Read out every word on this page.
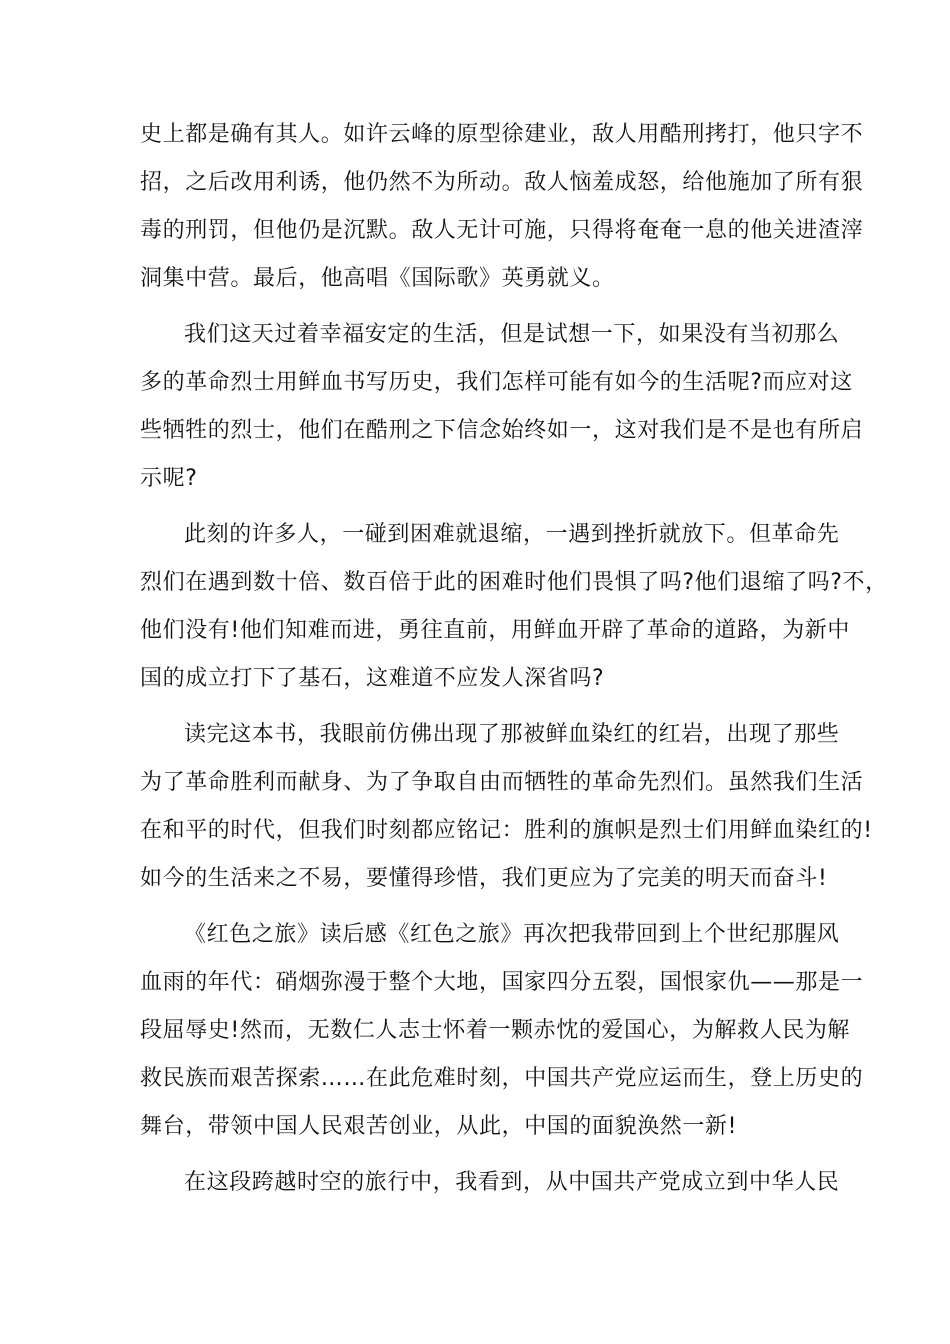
史上都是确有其人。如许云峰的原型徐建业，敌人用酷刑拷打，他只字不
招，之后改用利诱，他仍然不为所动。敌人恼羞成怒，给他施加了所有狠
毒的刑罚，但他仍是沉默。敌人无计可施，只得将奄奄一息的他关进渣滓
洞集中营。最后，他高唱《国际歌》英勇就义。
我们这天过着幸福安定的生活，但是试想一下，如果没有当初那么
多的革命烈士用鲜血书写历史，我们怎样可能有如今的生活呢?而应对这
些牺牲的烈士，他们在酷刑之下信念始终如一，这对我们是不是也有所启
示呢?
此刻的许多人，一碰到困难就退缩，一遇到挫折就放下。但革命先
烈们在遇到数十倍、数百倍于此的困难时他们畏惧了吗?他们退缩了吗?不，
他们没有!他们知难而进，勇往直前，用鲜血开辟了革命的道路，为新中
国的成立打下了基石，这难道不应发人深省吗?
读完这本书，我眼前仿佛出现了那被鲜血染红的红岩，出现了那些
为了革命胜利而献身、为了争取自由而牺牲的革命先烈们。虽然我们生活
在和平的时代，但我们时刻都应铭记：胜利的旗帜是烈士们用鲜血染红的!
如今的生活来之不易，要懂得珍惜，我们更应为了完美的明天而奋斗!
《红色之旅》读后感《红色之旅》再次把我带回到上个世纪那腥风
血雨的年代：硝烟弥漫于整个大地，国家四分五裂，国恨家仇——那是一
段屈辱史!然而，无数仁人志士怀着一颗赤忱的爱国心，为解救人民为解
救民族而艰苦探索……在此危难时刻，中国共产党应运而生，登上历史的
舞台，带领中国人民艰苦创业，从此，中国的面貌涣然一新!
在这段跨越时空的旅行中，我看到，从中国共产党成立到中华人民
